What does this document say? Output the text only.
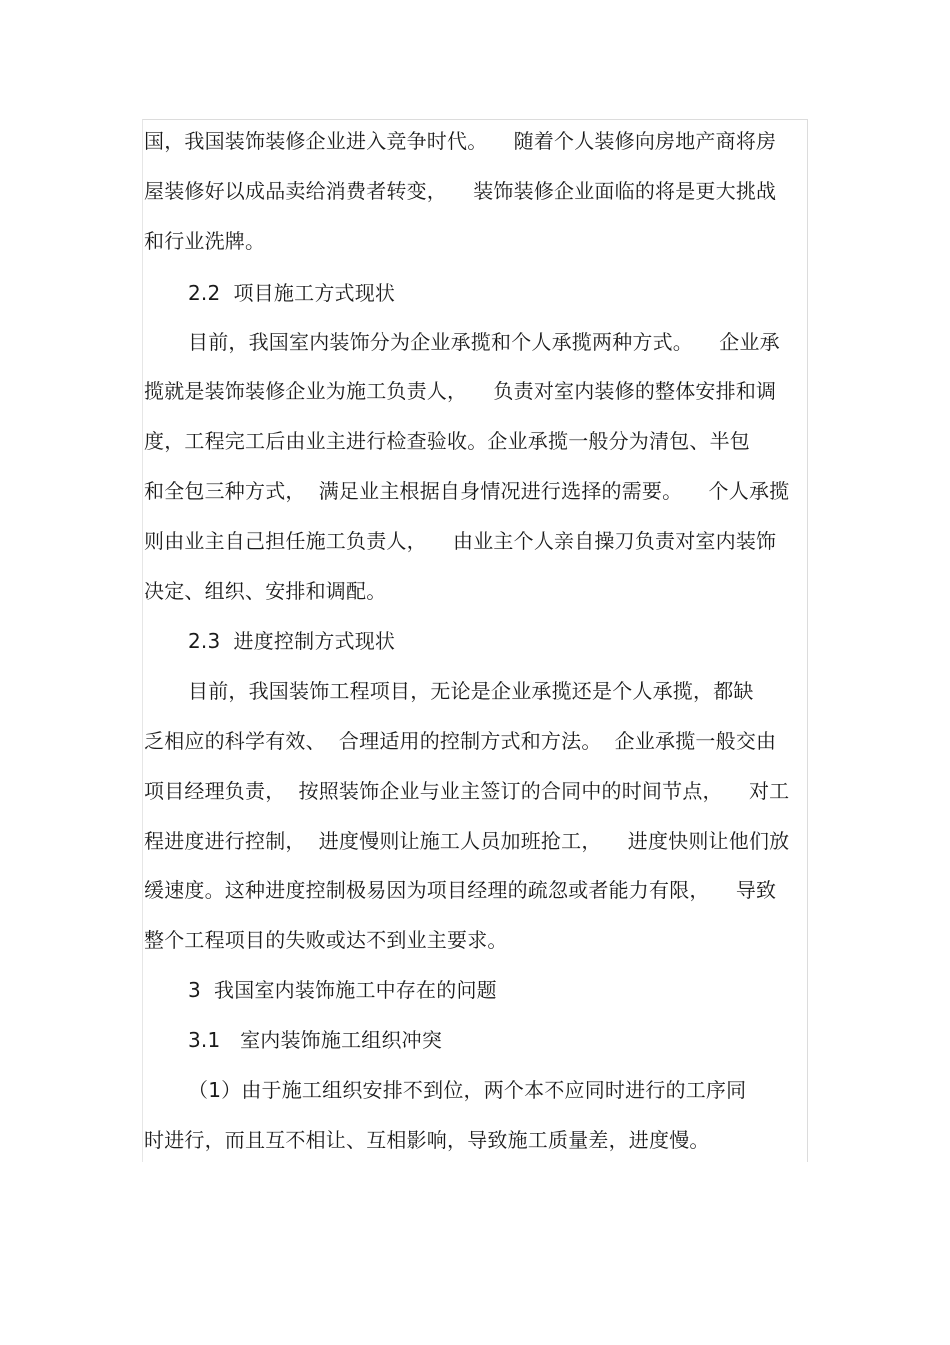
国，我国装饰装修企业进入竞争时代。    随着个人装修向房地产商将房
屋装修好以成品卖给消费者转变，    装饰装修企业面临的将是更大挑战
和行业洗牌。
2.2  项目施工方式现状
目前，我国室内装饰分为企业承揽和个人承揽两种方式。    企业承
揽就是装饰装修企业为施工负责人，    负责对室内装修的整体安排和调
度，工程完工后由业主进行检查验收。企业承揽一般分为清包、半包
和全包三种方式，  满足业主根据自身情况进行选择的需要。    个人承揽
则由业主自己担任施工负责人，    由业主个人亲自操刀负责对室内装饰
决定、组织、安排和调配。
2.3  进度控制方式现状
目前，我国装饰工程项目，无论是企业承揽还是个人承揽，都缺
乏相应的科学有效、  合理适用的控制方式和方法。  企业承揽一般交由
项目经理负责，  按照装饰企业与业主签订的合同中的时间节点，    对工
程进度进行控制，  进度慢则让施工人员加班抢工，    进度快则让他们放
缓速度。这种进度控制极易因为项目经理的疏忽或者能力有限，    导致
整个工程项目的失败或达不到业主要求。
3  我国室内装饰施工中存在的问题
3.1   室内装饰施工组织冲突
（1）由于施工组织安排不到位，两个本不应同时进行的工序同
时进行，而且互不相让、互相影响，导致施工质量差，进度慢。
